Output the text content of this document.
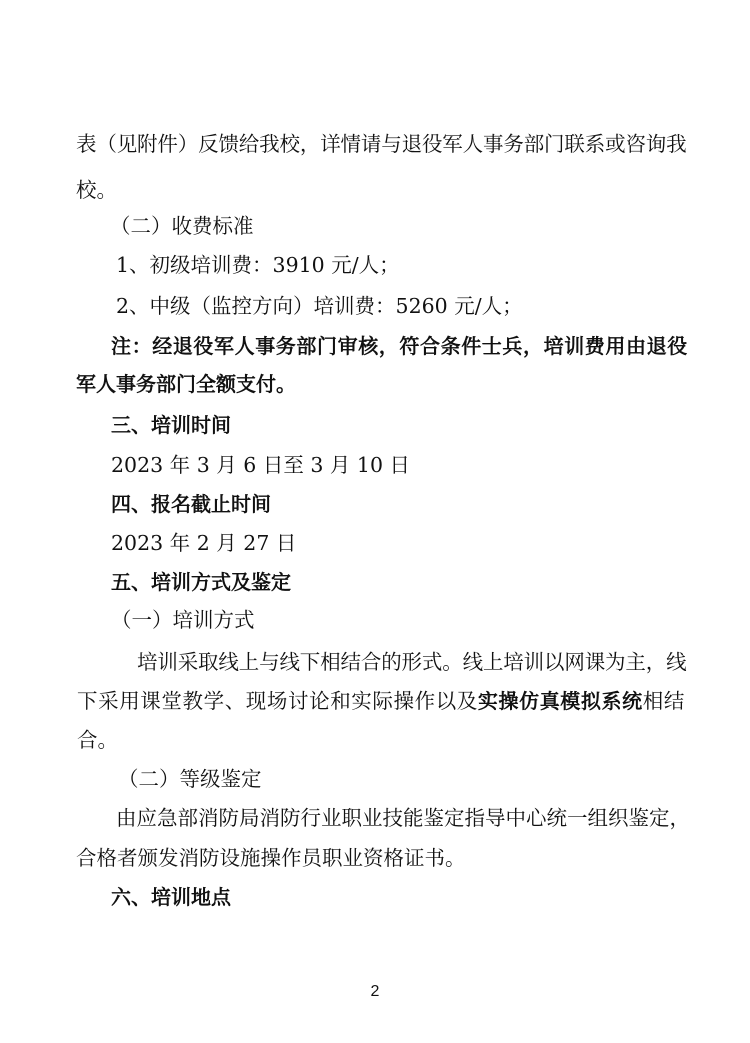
表（见附件）反馈给我校，详情请与退役军人事务部门联系或咨询我
校。
（二）收费标准
1、初级培训费：3910 元/人；
2、中级（监控方向）培训费：5260 元/人；
注：经退役军人事务部门审核，符合条件士兵，培训费用由退役
军人事务部门全额支付。
三、培训时间
2023 年 3 月 6 日至 3 月 10 日
四、报名截止时间
2023 年 2 月 27 日
五、培训方式及鉴定
（一）培训方式
培训采取线上与线下相结合的形式。线上培训以网课为主，线
下采用课堂教学、现场讨论和实际操作以及实操仿真模拟系统相结
合。
（二）等级鉴定
由应急部消防局消防行业职业技能鉴定指导中心统一组织鉴定，
合格者颁发消防设施操作员职业资格证书。
六、培训地点
2
